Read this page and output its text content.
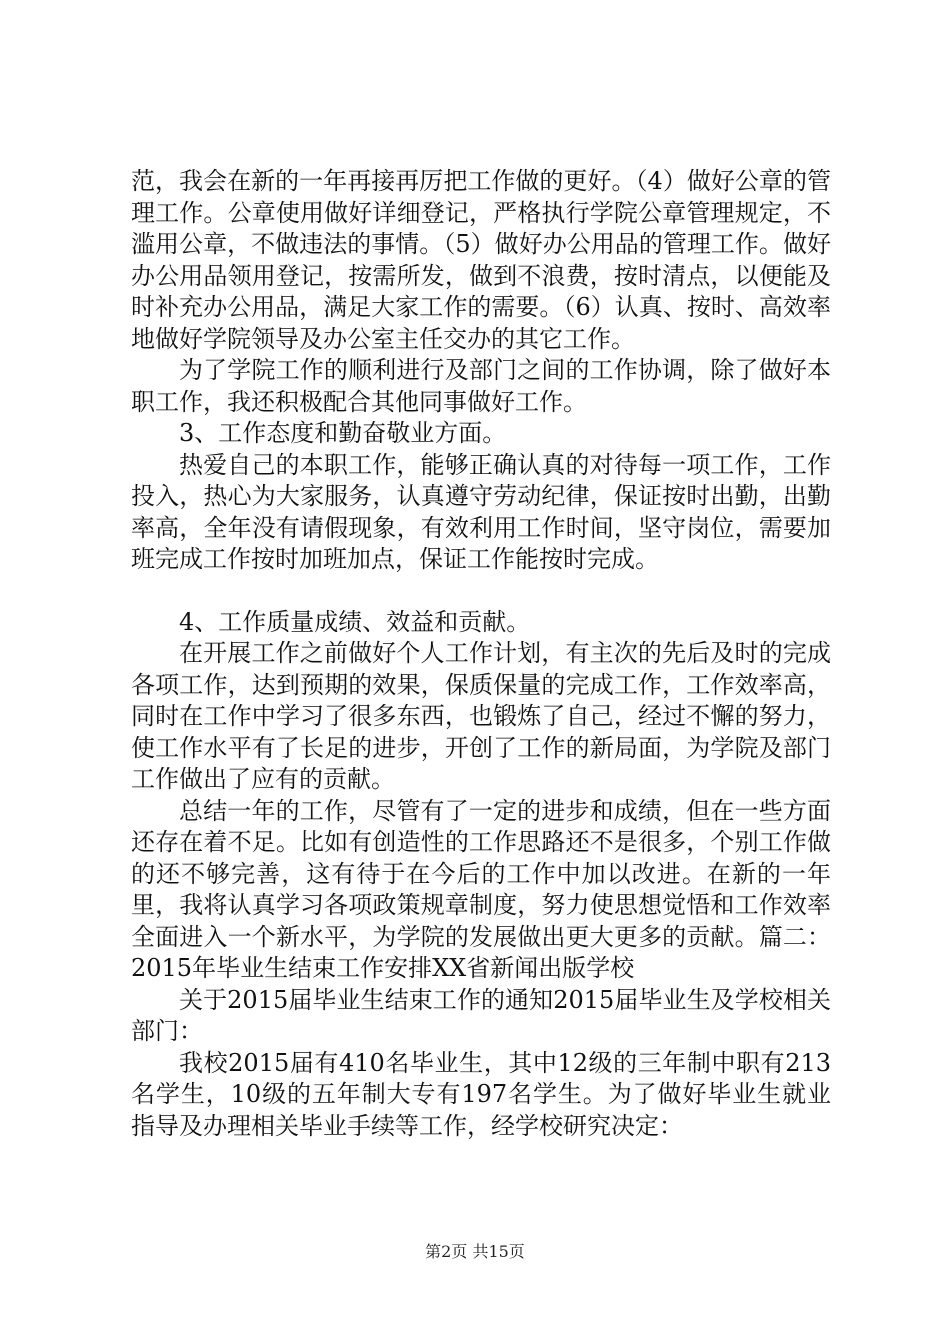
范，我会在新的一年再接再厉把工作做的更好。（4）做好公章的管理工作。公章使用做好详细登记，严格执行学院公章管理规定，不滥用公章，不做违法的事情。（5）做好办公用品的管理工作。做好办公用品领用登记，按需所发，做到不浪费，按时清点，以便能及时补充办公用品，满足大家工作的需要。（6）认真、按时、高效率地做好学院领导及办公室主任交办的其它工作。

为了学院工作的顺利进行及部门之间的工作协调，除了做好本职工作，我还积极配合其他同事做好工作。

3、工作态度和勤奋敬业方面。

热爱自己的本职工作，能够正确认真的对待每一项工作，工作投入，热心为大家服务，认真遵守劳动纪律，保证按时出勤，出勤率高，全年没有请假现象，有效利用工作时间，坚守岗位，需要加班完成工作按时加班加点，保证工作能按时完成。

4、工作质量成绩、效益和贡献。

在开展工作之前做好个人工作计划，有主次的先后及时的完成各项工作，达到预期的效果，保质保量的完成工作，工作效率高，同时在工作中学习了很多东西，也锻炼了自己，经过不懈的努力，使工作水平有了长足的进步，开创了工作的新局面，为学院及部门工作做出了应有的贡献。

总结一年的工作，尽管有了一定的进步和成绩，但在一些方面还存在着不足。比如有创造性的工作思路还不是很多，个别工作做的还不够完善，这有待于在今后的工作中加以改进。在新的一年里，我将认真学习各项政策规章制度，努力使思想觉悟和工作效率全面进入一个新水平，为学院的发展做出更大更多的贡献。篇二：2015年毕业生结束工作安排XX省新闻出版学校

关于2015届毕业生结束工作的通知2015届毕业生及学校相关部门：

我校2015届有410名毕业生，其中12级的三年制中职有213名学生，10级的五年制大专有197名学生。为了做好毕业生就业指导及办理相关毕业手续等工作，经学校研究决定：

第2页 共15页
